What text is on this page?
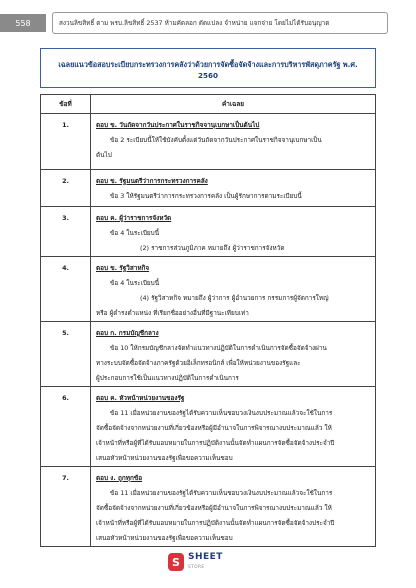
558	สงวนลิขสิทธิ์ ตาม พรบ.ลิขสิทธิ์ 2537 ห้ามคัดลอก ดัดแปลง จำหน่าย แจกจ่าย โดยไม่ได้รับอนุญาต
เฉลยแนวข้อสอบระเบียบกระทรวงการคลังว่าด้วยการจัดซื้อจัดจ้างและการบริหารพัสดุภาครัฐ พ.ศ.
2560
ข้อที่	คำเฉลย
1.	ตอบ ข. วันถัดจากวันประกาศในราชกิจจานุเบกษาเป็นต้นไป
ข้อ 2 ระเบียบนี้ให้ใช้บังคับตั้งแต่วันถัดจากวันประกาศในราชกิจจานุเบกษาเป็น
ต้นไป

2.	ตอบ ข. รัฐมนตรีว่าการกระทรวงการคลัง
ข้อ 3 ให้รัฐมนตรีว่าการกระทรวงการคลัง เป็นผู้รักษาการตามระเบียบนี้

3.	ตอบ ค. ผู้ว่าราชการจังหวัด
ข้อ 4 ในระเบียบนี้
(2) ราชการส่วนภูมิภาค หมายถึง ผู้ว่าราชการจังหวัด

4.	ตอบ ข. รัฐวิสาหกิจ
ข้อ 4 ในระเบียบนี้
(4) รัฐวิสาหกิจ หมายถึง ผู้ว่าการ ผู้อำนวยการ กรรมการผู้จัดการใหญ่
หรือ ผู้ดำรงตำแหน่ง ที่เรียกชื่ออย่างอื่นที่มีฐานะเทียบเท่า

5.	ตอบ ก. กรมบัญชีกลาง
ข้อ 10 ให้กรมบัญชีกลางจัดทำแนวทางปฏิบัติในการดำเนินการจัดซื้อจัดจ้างผ่าน
ทางระบบจัดซื้อจัดจ้างภาครัฐด้วยอิเล็กทรอนิกส์ เพื่อให้หน่วยงานของรัฐและ
ผู้ประกอบการใช้เป็นแนวทางปฏิบัติในการดำเนินการ

6.	ตอบ ค. หัวหน้าหน่วยงานของรัฐ
ข้อ 11 เมื่อหน่วยงานของรัฐได้รับความเห็นชอบวงเงินงบประมาณแล้วจะใช้ในการ
จัดซื้อจัดจ้างจากหน่วยงานที่เกี่ยวข้องหรือผู้มีอำนาจในการพิจารณางบประมาณแล้ว ให้
เจ้าหน้าที่หรือผู้ที่ได้รับมอบหมายในการปฏิบัติงานนั้นจัดทำแผนการจัดซื้อจัดจ้างประจำปี
เสนอหัวหน้าหน่วยงานของรัฐเพื่อขอความเห็นชอบ

7.	ตอบ ง. ถูกทุกข้อ
ข้อ 11 เมื่อหน่วยงานของรัฐได้รับความเห็นชอบวงเงินงบประมาณแล้วจะใช้ในการ
จัดซื้อจัดจ้างจากหน่วยงานที่เกี่ยวข้องหรือผู้มีอำนาจในการพิจารณางบประมาณแล้ว ให้
เจ้าหน้าที่หรือผู้ที่ได้รับมอบหมายในการปฏิบัติงานนั้นจัดทำแผนการจัดซื้อจัดจ้างประจำปี
เสนอหัวหน้าหน่วยงานของรัฐเพื่อขอความเห็นชอบ
S SHEET
STORE
